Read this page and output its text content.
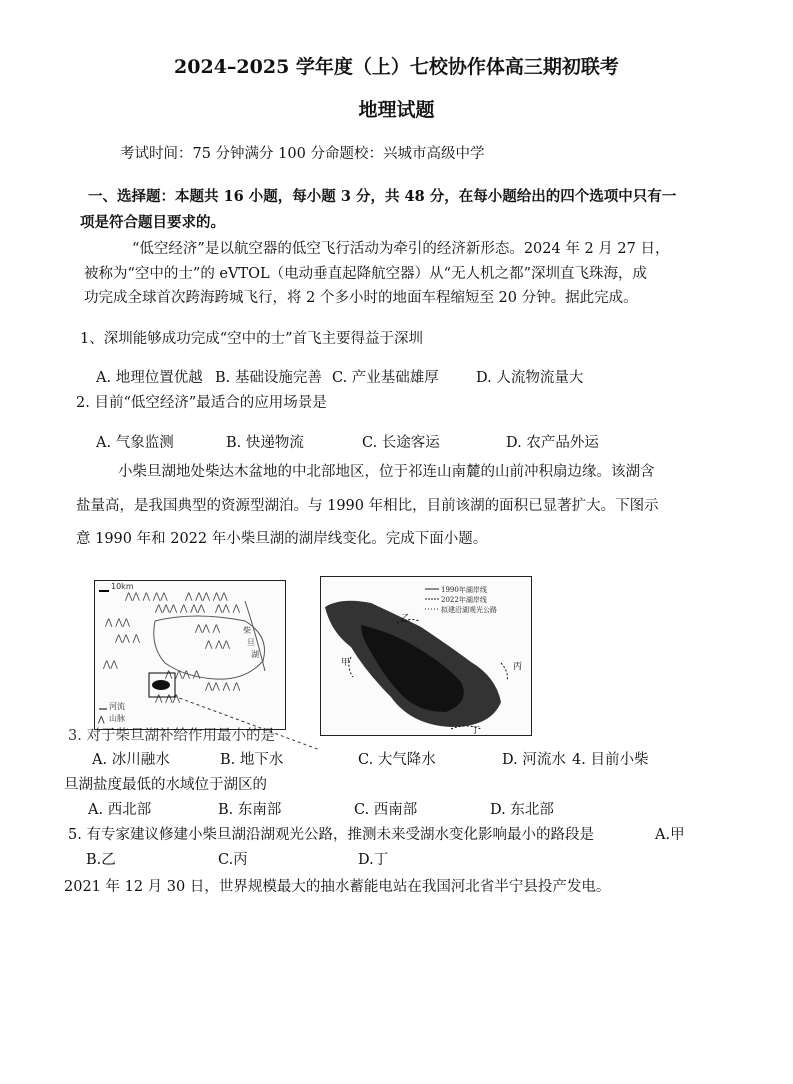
2024–2025 学年度（上）七校协作体高三期初联考
地理试题
考试时间：75 分钟满分 100 分命题校：兴城市高级中学
一、选择题：本题共 16 小题，每小题 3 分，共 48 分，在每小题给出的四个选项中只有一
项是符合题目要求的。
“低空经济”是以航空器的低空飞行活动为牵引的经济新形态。2024 年 2 月 27 日，
被称为“空中的士”的 eVTOL（电动垂直起降航空器）从“无人机之都”深圳直飞珠海，成
功完成全球首次跨海跨城飞行，将 2 个多小时的地面车程缩短至 20 分钟。据此完成。
1、深圳能够成功完成“空中的士”首飞主要得益于深圳
A. 地理位置优越 B. 基础设施完善 C. 产业基础雄厚	D. 人流物流量大
2. 目前“低空经济”最适合的应用场景是
A. 气象监测	B. 快递物流	C. 长途客运	D. 农产品外运
小柴旦湖地处柴达木盆地的中北部地区，位于祁连山南麓的山前冲积扇边缘。该湖含
盐量高，是我国典型的资源型湖泊。与 1990 年相比，目前该湖的面积已显著扩大。下图示
意 1990 年和 2022 年小柴旦湖的湖岸线变化。完成下面小题。
10km
柴
旦
湖
河流
山脉
⋀⋀ ⋀ ⋀⋀
⋀⋀⋀ ⋀ ⋀⋀
⋀ ⋀⋀ ⋀⋀
⋀⋀ ⋀
⋀ ⋀⋀
⋀⋀ ⋀
⋀⋀ ⋀
⋀ ⋀⋀
⋀⋀
⋀ ⋀⋀ ⋀
⋀⋀ ⋀ ⋀
⋀ ⋀⋀
⋀
1990年湖岸线
2022年湖岸线
拟建沿湖观光公路
甲
乙
丙
丁
3. 对于柴旦湖补给作用最小的是
A. 冰川融水	B. 地下水	C. 大气降水	D. 河流水 4. 目前小柴
旦湖盐度最低的水域位于湖区的
A. 西北部	B. 东南部	C. 西南部	D. 东北部
5. 有专家建议修建小柴旦湖沿湖观光公路，推测未来受湖水变化影响最小的路段是	A.甲
B.乙	C.丙	D.丁
2021 年 12 月 30 日，世界规模最大的抽水蓄能电站在我国河北省半宁县投产发电。
